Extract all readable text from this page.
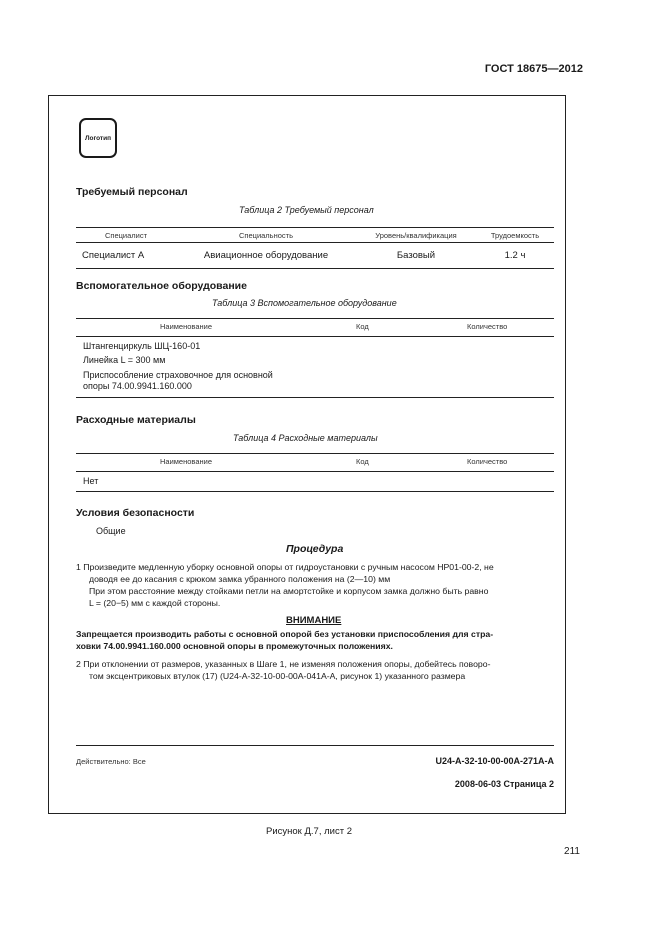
ГОСТ 18675—2012
Логотип
Требуемый персонал
Таблица 2 Требуемый персонал
Специалист	Специальность	Уровень/квалификация	Трудоемкость
Специалист А	Авиационное оборудование	Базовый	1.2 ч
Вспомогательное оборудование
Таблица 3 Вспомогательное оборудование
Наименование	Код	Количество
Штангенциркуль ШЦ-160-01
Линейка L = 300 мм
Приспособление страховочное для основной
опоры 74.00.9941.160.000
Расходные материалы
Таблица 4 Расходные материалы
Наименование	Код	Количество
Нет
Условия безопасности
Общие
Процедура
1 Произведите медленную уборку основной опоры от гидроустановки с ручным насосом НР01-00-2, не
доводя ее до касания с крюком замка убранного положения на (2—10) мм
При этом расстояние между стойками петли на амортстойке и корпусом замка должно быть равно
L = (20−5) мм с каждой стороны.
ВНИМАНИЕ
Запрещается производить работы с основной опорой без установки приспособления для стра-
ховки 74.00.9941.160.000 основной опоры в промежуточных положениях.
2 При отклонении от размеров, указанных в Шаге 1, не изменяя положения опоры, добейтесь поворо-
том эксцентриковых втулок (17) (U24-A-32-10-00-00A-041A-A, рисунок 1) указанного размера
Действительно: Все	U24-A-32-10-00-00A-271A-A
2008-06-03 Страница 2
Рисунок Д.7, лист 2
211
